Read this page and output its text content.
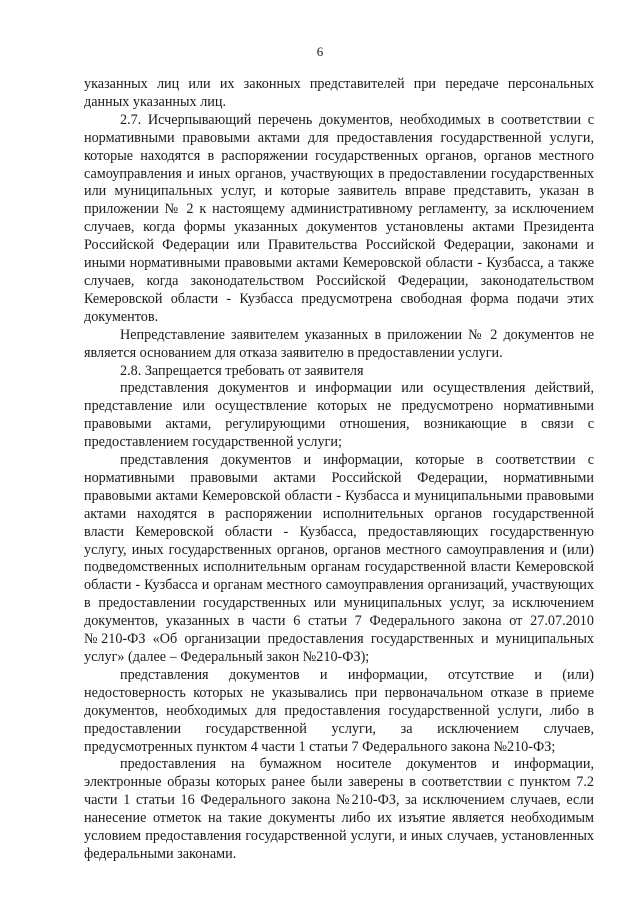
6

указанных лиц или их законных представителей при передаче персональных данных указанных лиц.

2.7. Исчерпывающий перечень документов, необходимых в соответствии с нормативными правовыми актами для предоставления государственной услуги, которые находятся в распоряжении государственных органов, органов местного самоуправления и иных органов, участвующих в предоставлении государственных или муниципальных услуг, и которые заявитель вправе представить, указан в приложении № 2 к настоящему административному регламенту, за исключением случаев, когда формы указанных документов установлены актами Президента Российской Федерации или Правительства Российской Федерации, законами и иными нормативными правовыми актами Кемеровской области - Кузбасса, а также случаев, когда законодательством Российской Федерации, законодательством Кемеровской области - Кузбасса предусмотрена свободная форма подачи этих документов.

Непредставление заявителем указанных в приложении № 2 документов не является основанием для отказа заявителю в предоставлении услуги.

2.8. Запрещается требовать от заявителя

представления документов и информации или осуществления действий, представление или осуществление которых не предусмотрено нормативными правовыми актами, регулирующими отношения, возникающие в связи с предоставлением государственной услуги;

представления документов и информации, которые в соответствии с нормативными правовыми актами Российской Федерации, нормативными правовыми актами Кемеровской области - Кузбасса и муниципальными правовыми актами находятся в распоряжении исполнительных органов государственной власти Кемеровской области - Кузбасса, предоставляющих государственную услугу, иных государственных органов, органов местного самоуправления и (или) подведомственных исполнительным органам государственной власти Кемеровской области - Кузбасса и органам местного самоуправления организаций, участвующих в предоставлении государственных или муниципальных услуг, за исключением документов, указанных в части 6 статьи 7 Федерального закона от 27.07.2010 №210-ФЗ «Об организации предоставления государственных и муниципальных услуг» (далее – Федеральный закон №210-ФЗ);

представления документов и информации, отсутствие и (или) недостоверность которых не указывались при первоначальном отказе в приеме документов, необходимых для предоставления государственной услуги, либо в предоставлении государственной услуги, за исключением случаев, предусмотренных пунктом 4 части 1 статьи 7 Федерального закона №210-ФЗ;

предоставления на бумажном носителе документов и информации, электронные образы которых ранее были заверены в соответствии с пунктом 7.2 части 1 статьи 16 Федерального закона №210-ФЗ, за исключением случаев, если нанесение отметок на такие документы либо их изъятие является необходимым условием предоставления государственной услуги, и иных случаев, установленных федеральными законами.
